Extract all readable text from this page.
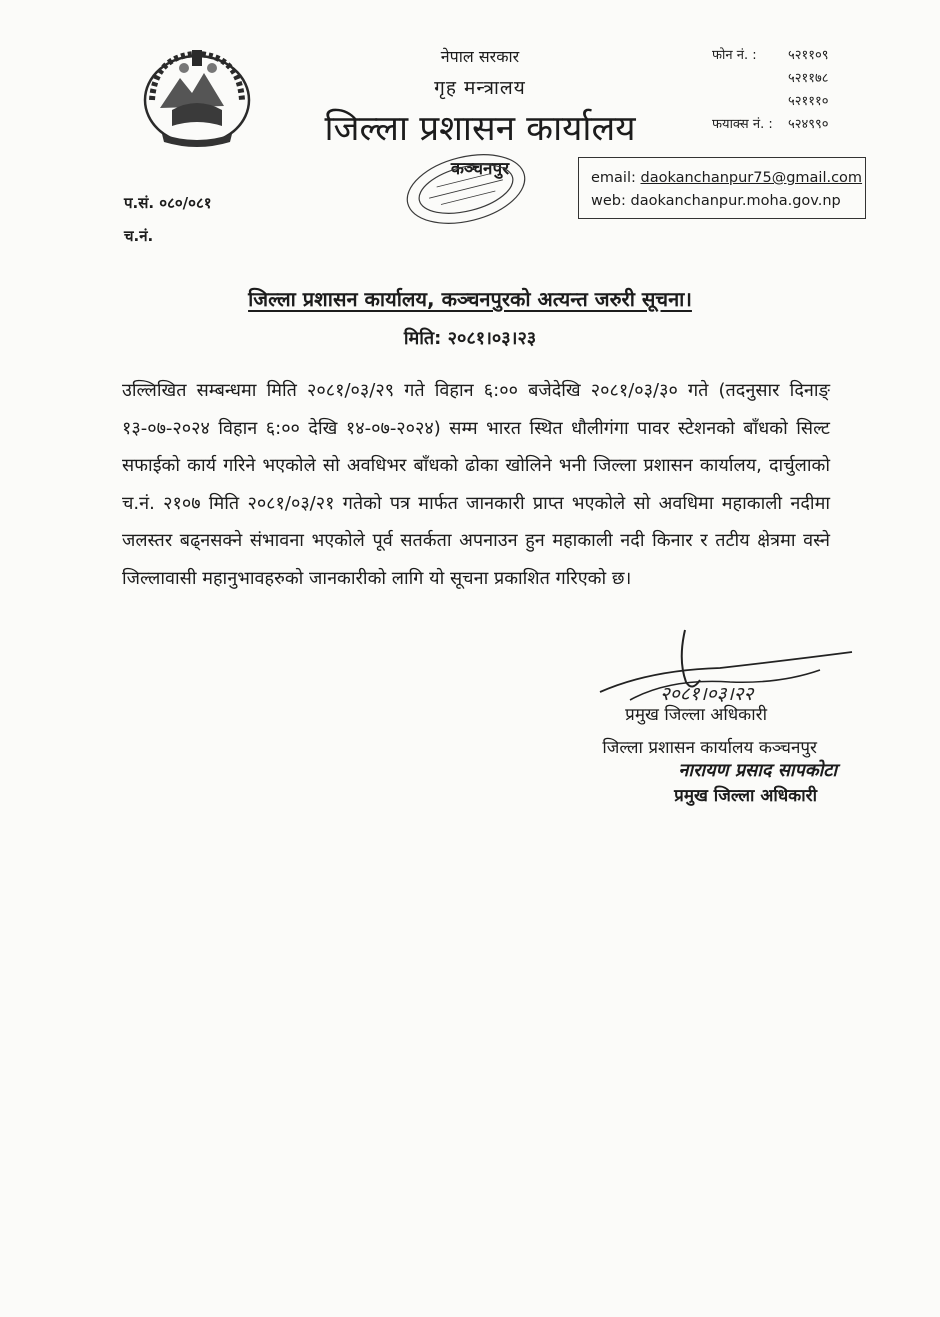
नेपाल सरकार
गृह मन्त्रालय
जिल्ला प्रशासन कार्यालय
कञ्चनपुर
फोन नं. :	५२११०९
५२११७८
५२१११०
फयाक्स नं. :	५२४९९०
email: daokanchanpur75@gmail.com
web: daokanchanpur.moha.gov.np
प.सं. ०८०/०८१
च.नं.
जिल्ला प्रशासन कार्यालय, कञ्चनपुरको अत्यन्त जरुरी सूचना।
मिति: २०८१।०३।२३
उल्लिखित सम्बन्धमा मिति २०८१/०३/२९ गते विहान ६:०० बजेदेखि २०८१/०३/३० गते (तदनुसार दिनाङ् १३-०७-२०२४ विहान ६:०० देखि १४-०७-२०२४) सम्म भारत स्थित धौलीगंगा पावर स्टेशनको बाँधको सिल्ट सफाईको कार्य गरिने भएकोले सो अवधिभर बाँधको ढोका खोलिने भनी जिल्ला प्रशासन कार्यालय, दार्चुलाको च.नं. २१०७ मिति २०८१/०३/२१ गतेको पत्र मार्फत जानकारी प्राप्त भएकोले सो अवधिमा महाकाली नदीमा जलस्तर बढ्नसक्ने संभावना भएकोले पूर्व सतर्कता अपनाउन हुन महाकाली नदी किनार र तटीय क्षेत्रमा वस्ने जिल्लावासी महानुभावहरुको जानकारीको लागि यो सूचना प्रकाशित गरिएको छ।
२०८१।०३।२२
प्रमुख जिल्ला अधिकारी
जिल्ला प्रशासन कार्यालय कञ्चनपुर
नारायण प्रसाद सापकोटा
प्रमुख जिल्ला अधिकारी
